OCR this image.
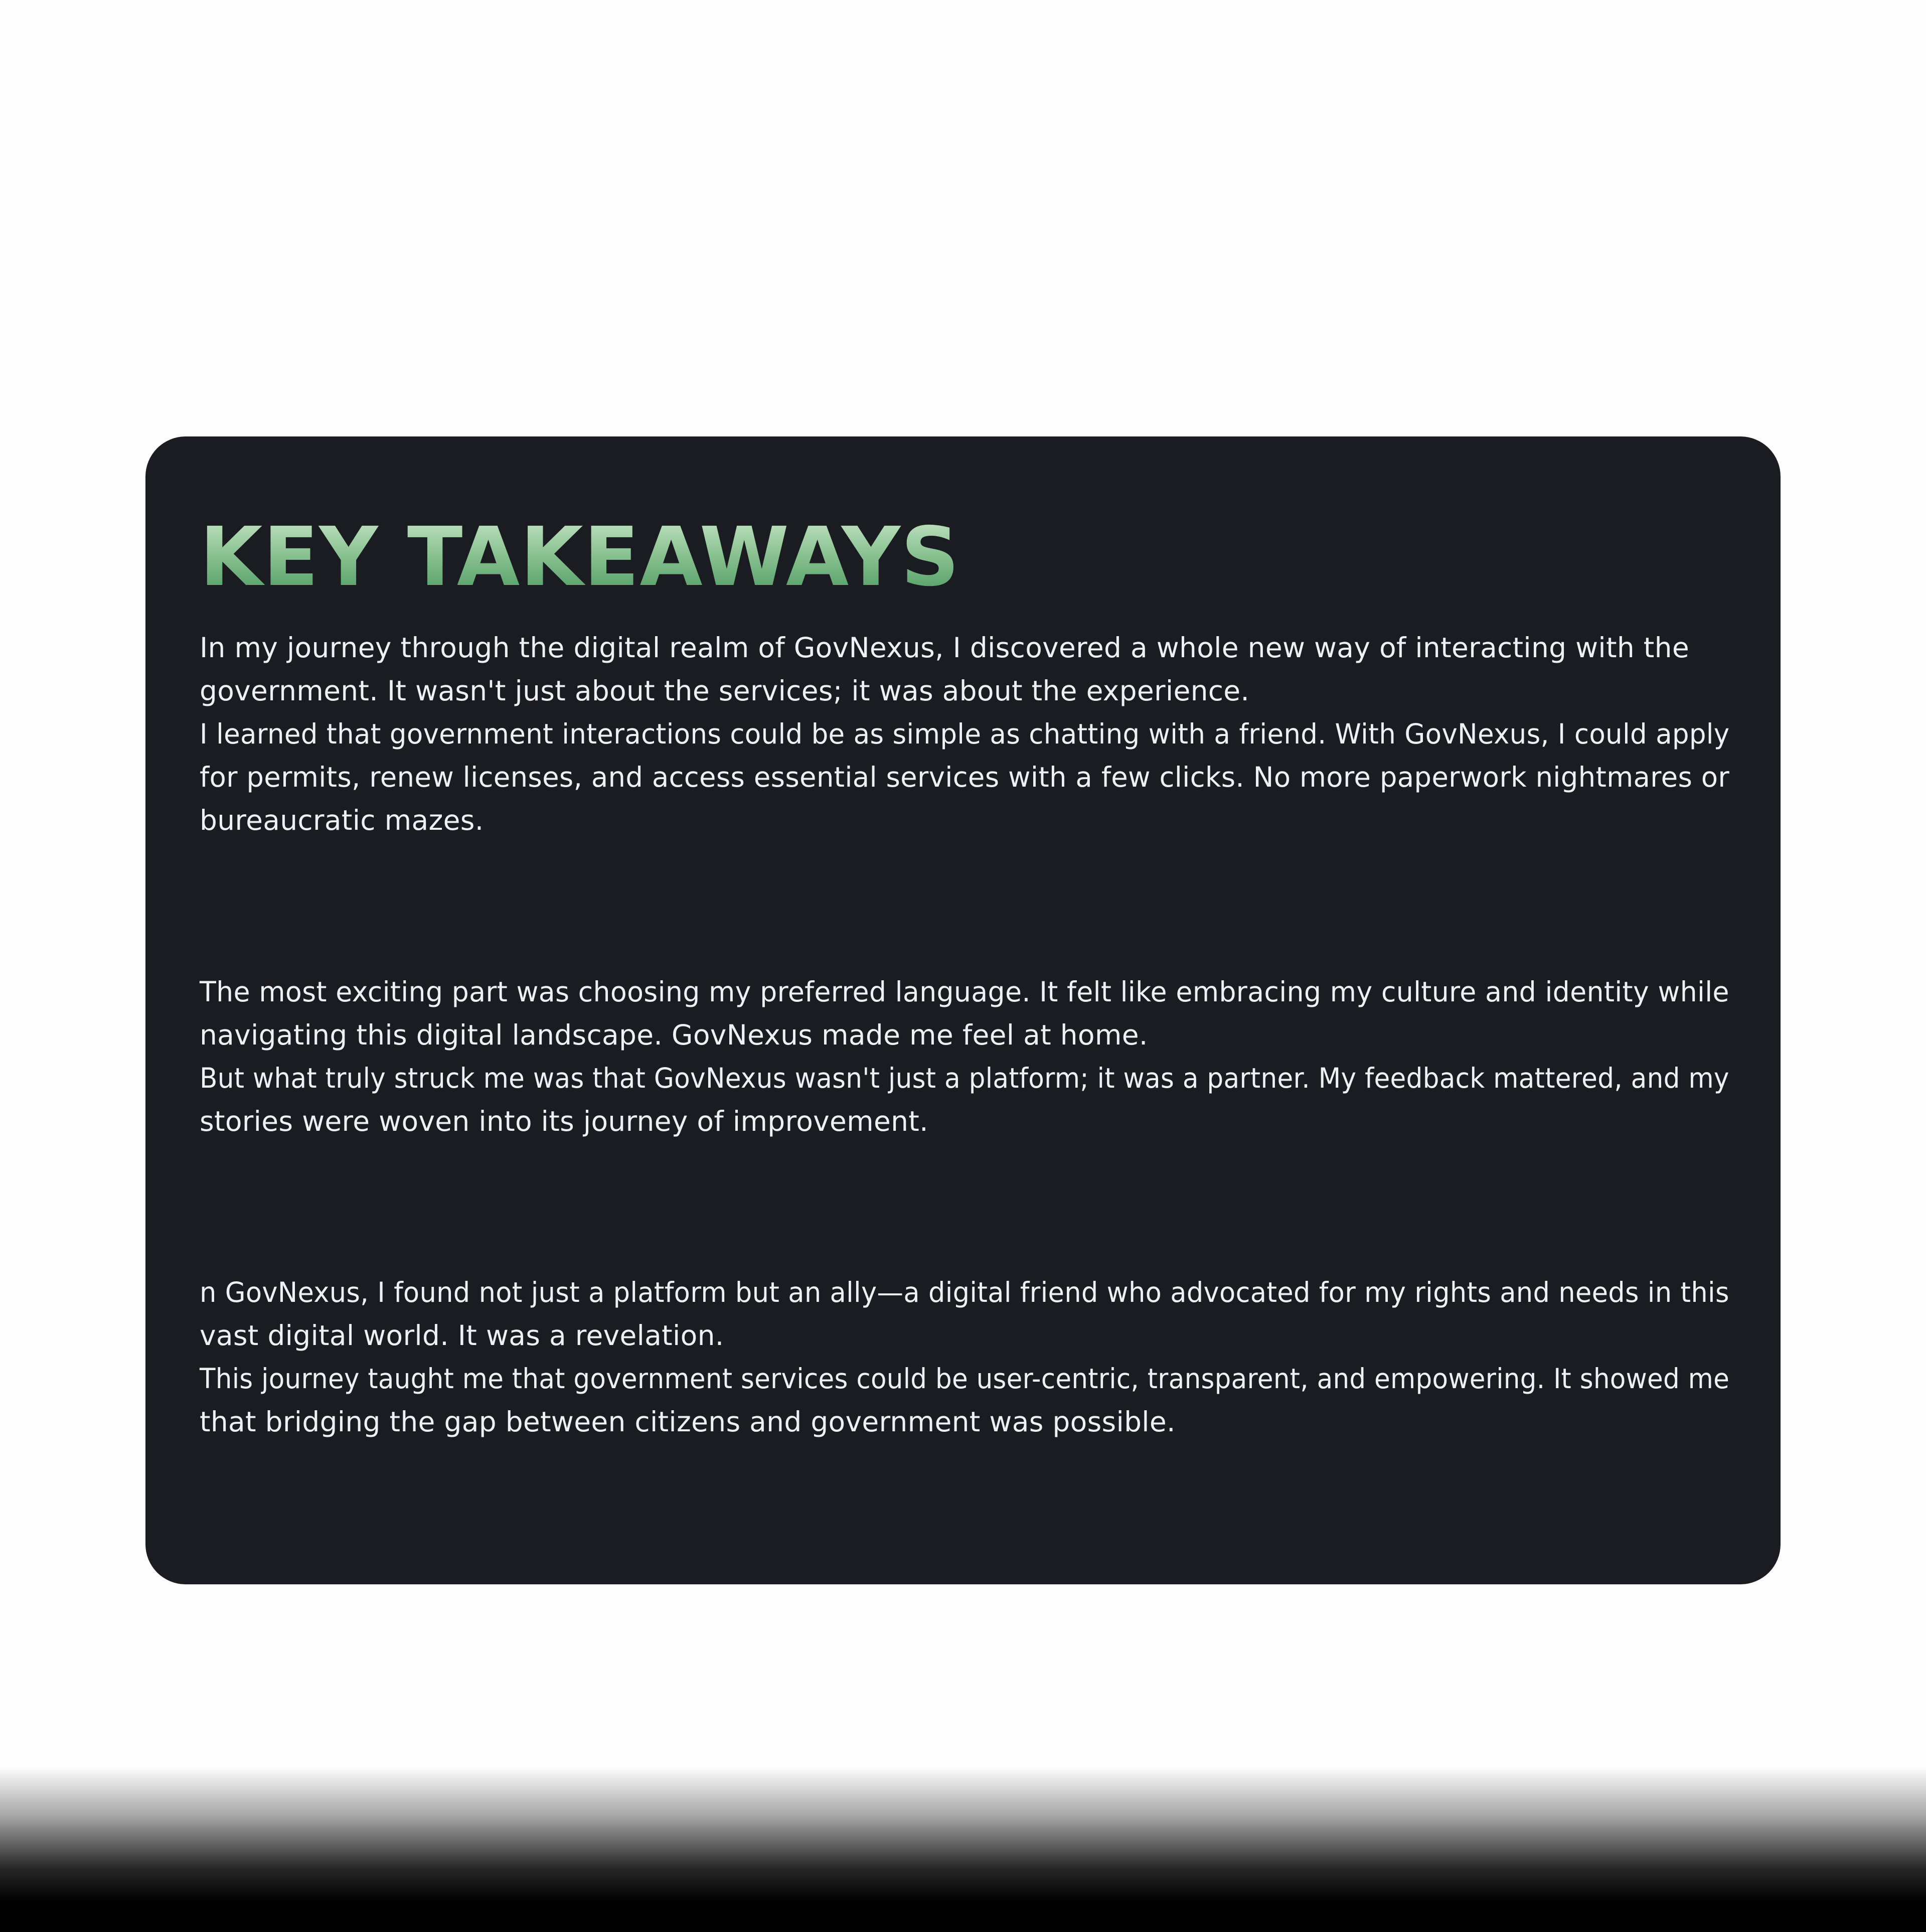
KEY TAKEAWAYS

In my journey through the digital realm of GovNexus, I discovered a whole new way of interacting with the
government. It wasn't just about the services; it was about the experience.
I learned that government interactions could be as simple as chatting with a friend. With GovNexus, I could apply
for permits, renew licenses, and access essential services with a few clicks. No more paperwork nightmares or
bureaucratic mazes.

The most exciting part was choosing my preferred language. It felt like embracing my culture and identity while
navigating this digital landscape. GovNexus made me feel at home.
But what truly struck me was that GovNexus wasn't just a platform; it was a partner. My feedback mattered, and my
stories were woven into its journey of improvement.

n GovNexus, I found not just a platform but an ally—a digital friend who advocated for my rights and needs in this
vast digital world. It was a revelation.
This journey taught me that government services could be user-centric, transparent, and empowering. It showed me
that bridging the gap between citizens and government was possible.
